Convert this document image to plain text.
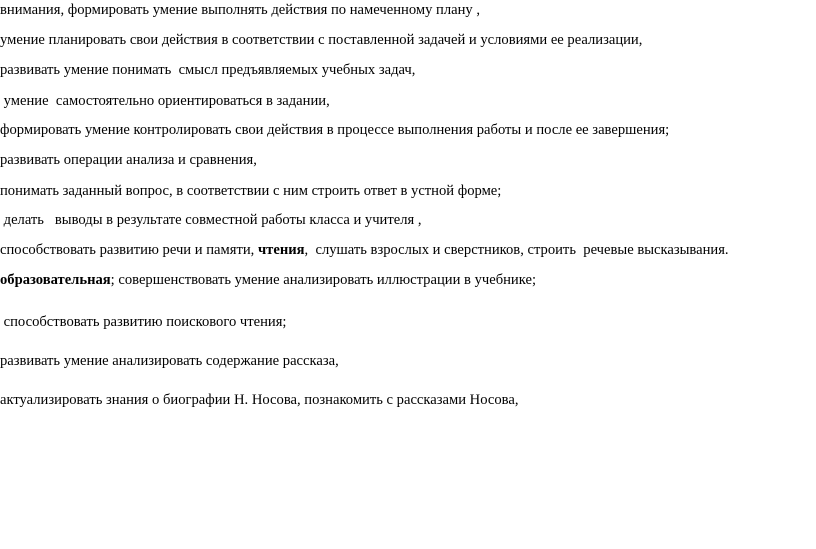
внимания, формировать умение выполнять действия по намеченному плану ,

умение планировать свои действия в соответствии с поставленной задачей и условиями ее реализации,

развивать умение понимать  смысл предъявляемых учебных задач,

умение  самостоятельно ориентироваться в задании,

формировать умение контролировать свои действия в процессе выполнения работы и после ее завершения;

развивать операции анализа и сравнения,

понимать заданный вопрос, в соответствии с ним строить ответ в устной форме;

делать   выводы в результате совместной работы класса и учителя ,

способствовать развитию речи и памяти, чтения,  слушать взрослых и сверстников, строить  речевые высказывания.

образовательная; совершенствовать умение анализировать иллюстрации в учебнике;

способствовать развитию поискового чтения;

развивать умение анализировать содержание рассказа,

актуализировать знания о биографии Н. Носова, познакомить с рассказами Носова,
